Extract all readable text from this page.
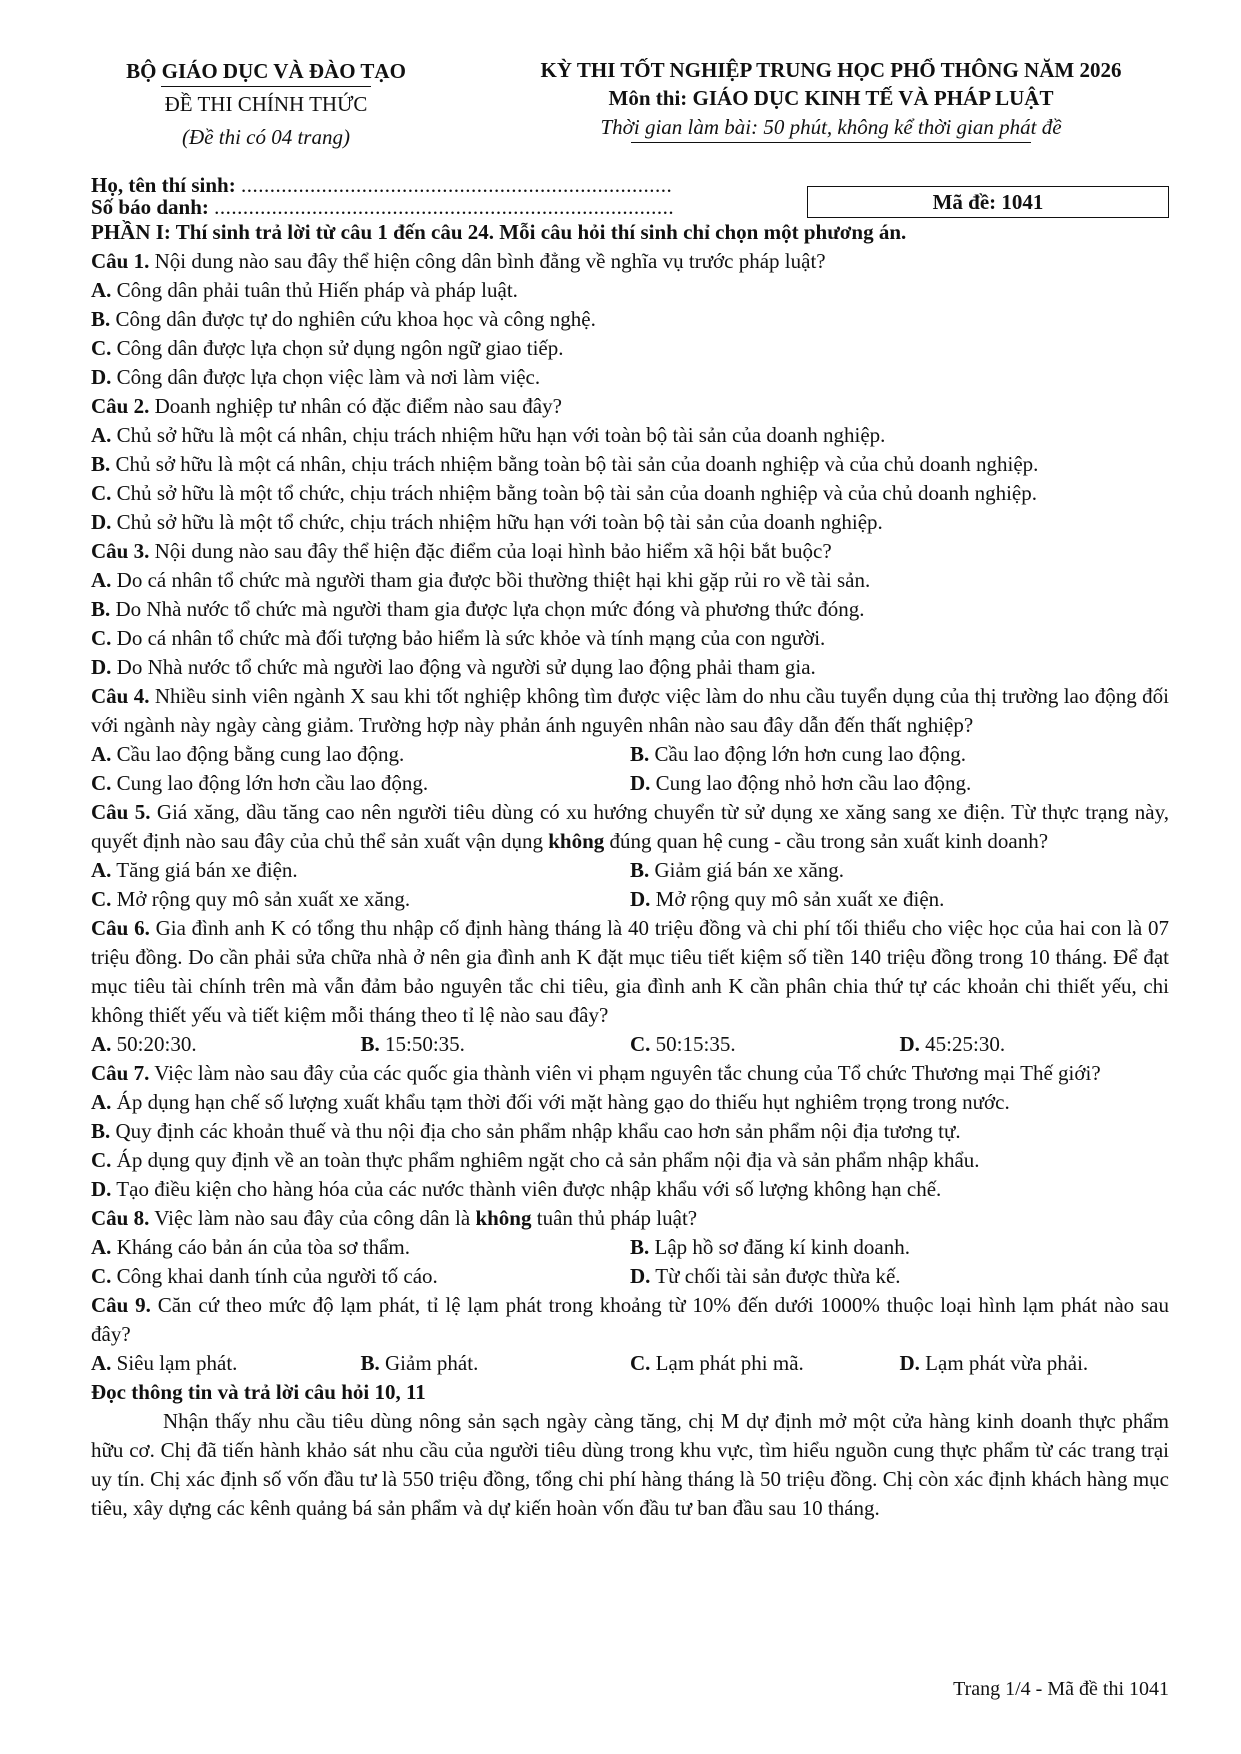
BỘ GIÁO DỤC VÀ ĐÀO TẠO
ĐỀ THI CHÍNH THỨC
(Đề thi có 04 trang)
KỲ THI TỐT NGHIỆP TRUNG HỌC PHỔ THÔNG NĂM 2026
Môn thi: GIÁO DỤC KINH TẾ VÀ PHÁP LUẬT
Thời gian làm bài: 50 phút, không kể thời gian phát đề
Họ, tên thí sinh: ...........................................................................
Số báo danh: ................................................................................	Mã đề: 1041
PHẦN I: Thí sinh trả lời từ câu 1 đến câu 24. Mỗi câu hỏi thí sinh chỉ chọn một phương án.
Câu 1. Nội dung nào sau đây thể hiện công dân bình đẳng về nghĩa vụ trước pháp luật?
A. Công dân phải tuân thủ Hiến pháp và pháp luật.
B. Công dân được tự do nghiên cứu khoa học và công nghệ.
C. Công dân được lựa chọn sử dụng ngôn ngữ giao tiếp.
D. Công dân được lựa chọn việc làm và nơi làm việc.
Câu 2. Doanh nghiệp tư nhân có đặc điểm nào sau đây?
A. Chủ sở hữu là một cá nhân, chịu trách nhiệm hữu hạn với toàn bộ tài sản của doanh nghiệp.
B. Chủ sở hữu là một cá nhân, chịu trách nhiệm bằng toàn bộ tài sản của doanh nghiệp và của chủ doanh nghiệp.
C. Chủ sở hữu là một tổ chức, chịu trách nhiệm bằng toàn bộ tài sản của doanh nghiệp và của chủ doanh nghiệp.
D. Chủ sở hữu là một tổ chức, chịu trách nhiệm hữu hạn với toàn bộ tài sản của doanh nghiệp.
Câu 3. Nội dung nào sau đây thể hiện đặc điểm của loại hình bảo hiểm xã hội bắt buộc?
A. Do cá nhân tổ chức mà người tham gia được bồi thường thiệt hại khi gặp rủi ro về tài sản.
B. Do Nhà nước tổ chức mà người tham gia được lựa chọn mức đóng và phương thức đóng.
C. Do cá nhân tổ chức mà đối tượng bảo hiểm là sức khỏe và tính mạng của con người.
D. Do Nhà nước tổ chức mà người lao động và người sử dụng lao động phải tham gia.
Câu 4. Nhiều sinh viên ngành X sau khi tốt nghiệp không tìm được việc làm do nhu cầu tuyển dụng của thị trường lao động đối với ngành này ngày càng giảm. Trường hợp này phản ánh nguyên nhân nào sau đây dẫn đến thất nghiệp?
A. Cầu lao động bằng cung lao động.	B. Cầu lao động lớn hơn cung lao động.
C. Cung lao động lớn hơn cầu lao động.	D. Cung lao động nhỏ hơn cầu lao động.
Câu 5. Giá xăng, dầu tăng cao nên người tiêu dùng có xu hướng chuyển từ sử dụng xe xăng sang xe điện. Từ thực trạng này, quyết định nào sau đây của chủ thể sản xuất vận dụng không đúng quan hệ cung - cầu trong sản xuất kinh doanh?
A. Tăng giá bán xe điện.	B. Giảm giá bán xe xăng.
C. Mở rộng quy mô sản xuất xe xăng.	D. Mở rộng quy mô sản xuất xe điện.
Câu 6. Gia đình anh K có tổng thu nhập cố định hàng tháng là 40 triệu đồng và chi phí tối thiểu cho việc học của hai con là 07 triệu đồng. Do cần phải sửa chữa nhà ở nên gia đình anh K đặt mục tiêu tiết kiệm số tiền 140 triệu đồng trong 10 tháng. Để đạt mục tiêu tài chính trên mà vẫn đảm bảo nguyên tắc chi tiêu, gia đình anh K cần phân chia thứ tự các khoản chi thiết yếu, chi không thiết yếu và tiết kiệm mỗi tháng theo tỉ lệ nào sau đây?
A. 50:20:30.	B. 15:50:35.	C. 50:15:35.	D. 45:25:30.
Câu 7. Việc làm nào sau đây của các quốc gia thành viên vi phạm nguyên tắc chung của Tổ chức Thương mại Thế giới?
A. Áp dụng hạn chế số lượng xuất khẩu tạm thời đối với mặt hàng gạo do thiếu hụt nghiêm trọng trong nước.
B. Quy định các khoản thuế và thu nội địa cho sản phẩm nhập khẩu cao hơn sản phẩm nội địa tương tự.
C. Áp dụng quy định về an toàn thực phẩm nghiêm ngặt cho cả sản phẩm nội địa và sản phẩm nhập khẩu.
D. Tạo điều kiện cho hàng hóa của các nước thành viên được nhập khẩu với số lượng không hạn chế.
Câu 8. Việc làm nào sau đây của công dân là không tuân thủ pháp luật?
A. Kháng cáo bản án của tòa sơ thẩm.	B. Lập hồ sơ đăng kí kinh doanh.
C. Công khai danh tính của người tố cáo.	D. Từ chối tài sản được thừa kế.
Câu 9. Căn cứ theo mức độ lạm phát, tỉ lệ lạm phát trong khoảng từ 10% đến dưới 1000% thuộc loại hình lạm phát nào sau đây?
A. Siêu lạm phát.	B. Giảm phát.	C. Lạm phát phi mã.	D. Lạm phát vừa phải.
Đọc thông tin và trả lời câu hỏi 10, 11
Nhận thấy nhu cầu tiêu dùng nông sản sạch ngày càng tăng, chị M dự định mở một cửa hàng kinh doanh thực phẩm hữu cơ. Chị đã tiến hành khảo sát nhu cầu của người tiêu dùng trong khu vực, tìm hiểu nguồn cung thực phẩm từ các trang trại uy tín. Chị xác định số vốn đầu tư là 550 triệu đồng, tổng chi phí hàng tháng là 50 triệu đồng. Chị còn xác định khách hàng mục tiêu, xây dựng các kênh quảng bá sản phẩm và dự kiến hoàn vốn đầu tư ban đầu sau 10 tháng.
Trang 1/4 - Mã đề thi 1041
